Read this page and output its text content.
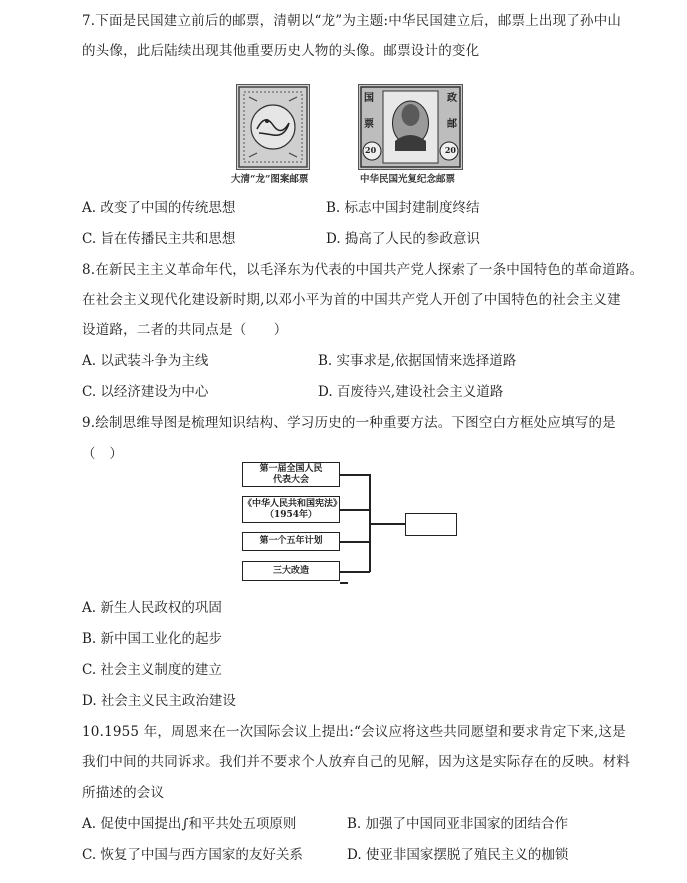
7.下面是民国建立前后的邮票，清朝以“龙”为主题:中华民国建立后，邮票上出现了孙中山
的头像，此后陆续出现其他重要历史人物的头像。邮票设计的变化
国	政
票	邮
20	20
大清“龙”图案邮票	中华民国光复纪念邮票
A. 改变了中国的传统思想	B. 标志中国封建制度终结
C. 旨在传播民主共和思想	D. 搗高了人民的参政意识
8.在新民主主义革命年代，以毛泽东为代表的中国共产党人探索了一条中国特色的革命道路。
在社会主义现代化建设新时期,以邓小平为首的中国共产党人开创了中国特色的社会主义建
设道路，二者的共同点是（　　）
A. 以武装斗争为主线	B. 实事求是,依据国情来选择道路
C. 以经济建设为中心	D. 百废待兴,建设社会主义道路
9.绘制思维导图是梳理知识结构、学习历史的一种重要方法。下图空白方框处应填写的是
（　）
第一届全国人民
代表大会
《中华人民共和国宪法》
（1954年）
第一个五年计划
三大改造
A. 新生人民政权的巩固
B. 新中国工业化的起步
C. 社会主义制度的建立
D. 社会主义民主政治建设
10.1955 年，周恩来在一次国际会议上提出:“会议应将这些共同愿望和要求肯定下来,这是
我们中间的共同诉求。我们并不要求个人放弃自己的见解，因为这是实际存在的反映。材料
所描述的会议
A. 促使中国提出∫和平共处五项原则	B. 加强了中国同亚非国家的团结合作
C. 恢复了中国与西方国家的友好关系	D. 使亚非国家摆脱了殖民主义的枷锁
